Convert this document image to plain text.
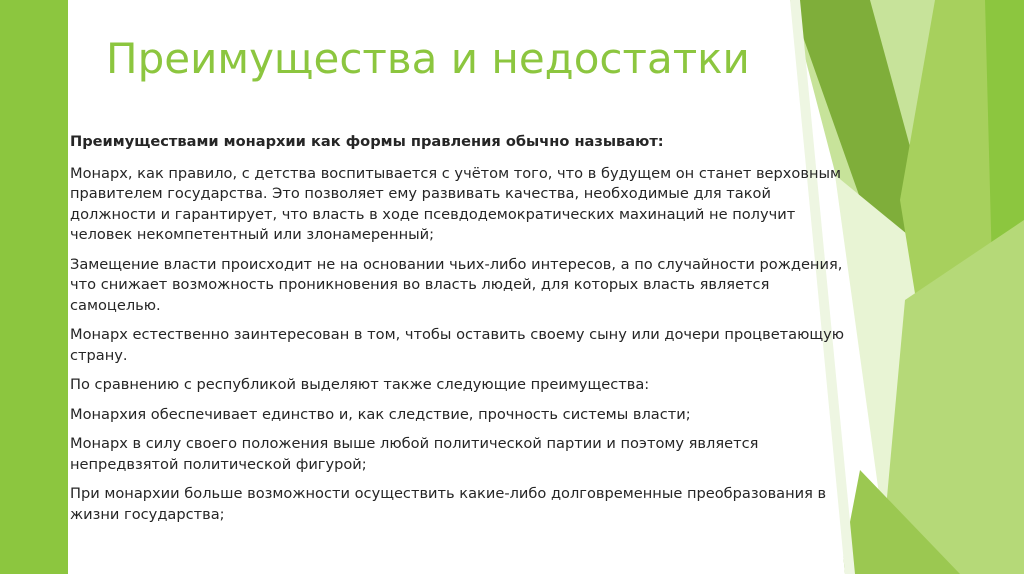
Преимущества и недостатки

Преимуществами монархии как формы правления обычно называют:

Монарх, как правило, с детства воспитывается с учётом того, что в будущем он станет верховным правителем государства. Это позволяет ему развивать качества, необходимые для такой должности и гарантирует, что власть в ходе псевдодемократических махинаций не получит человек некомпетентный или злонамеренный;

Замещение власти происходит не на основании чьих-либо интересов, а по случайности рождения, что снижает возможность проникновения во власть людей, для которых власть является самоцелью.

Монарх естественно заинтересован в том, чтобы оставить своему сыну или дочери процветающую страну.

По сравнению с республикой выделяют также следующие преимущества:

Монархия обеспечивает единство и, как следствие, прочность системы власти;

Монарх в силу своего положения выше любой политической партии и поэтому является непредвзятой политической фигурой;

При монархии больше возможности осуществить какие-либо долговременные преобразования в жизни государства;
